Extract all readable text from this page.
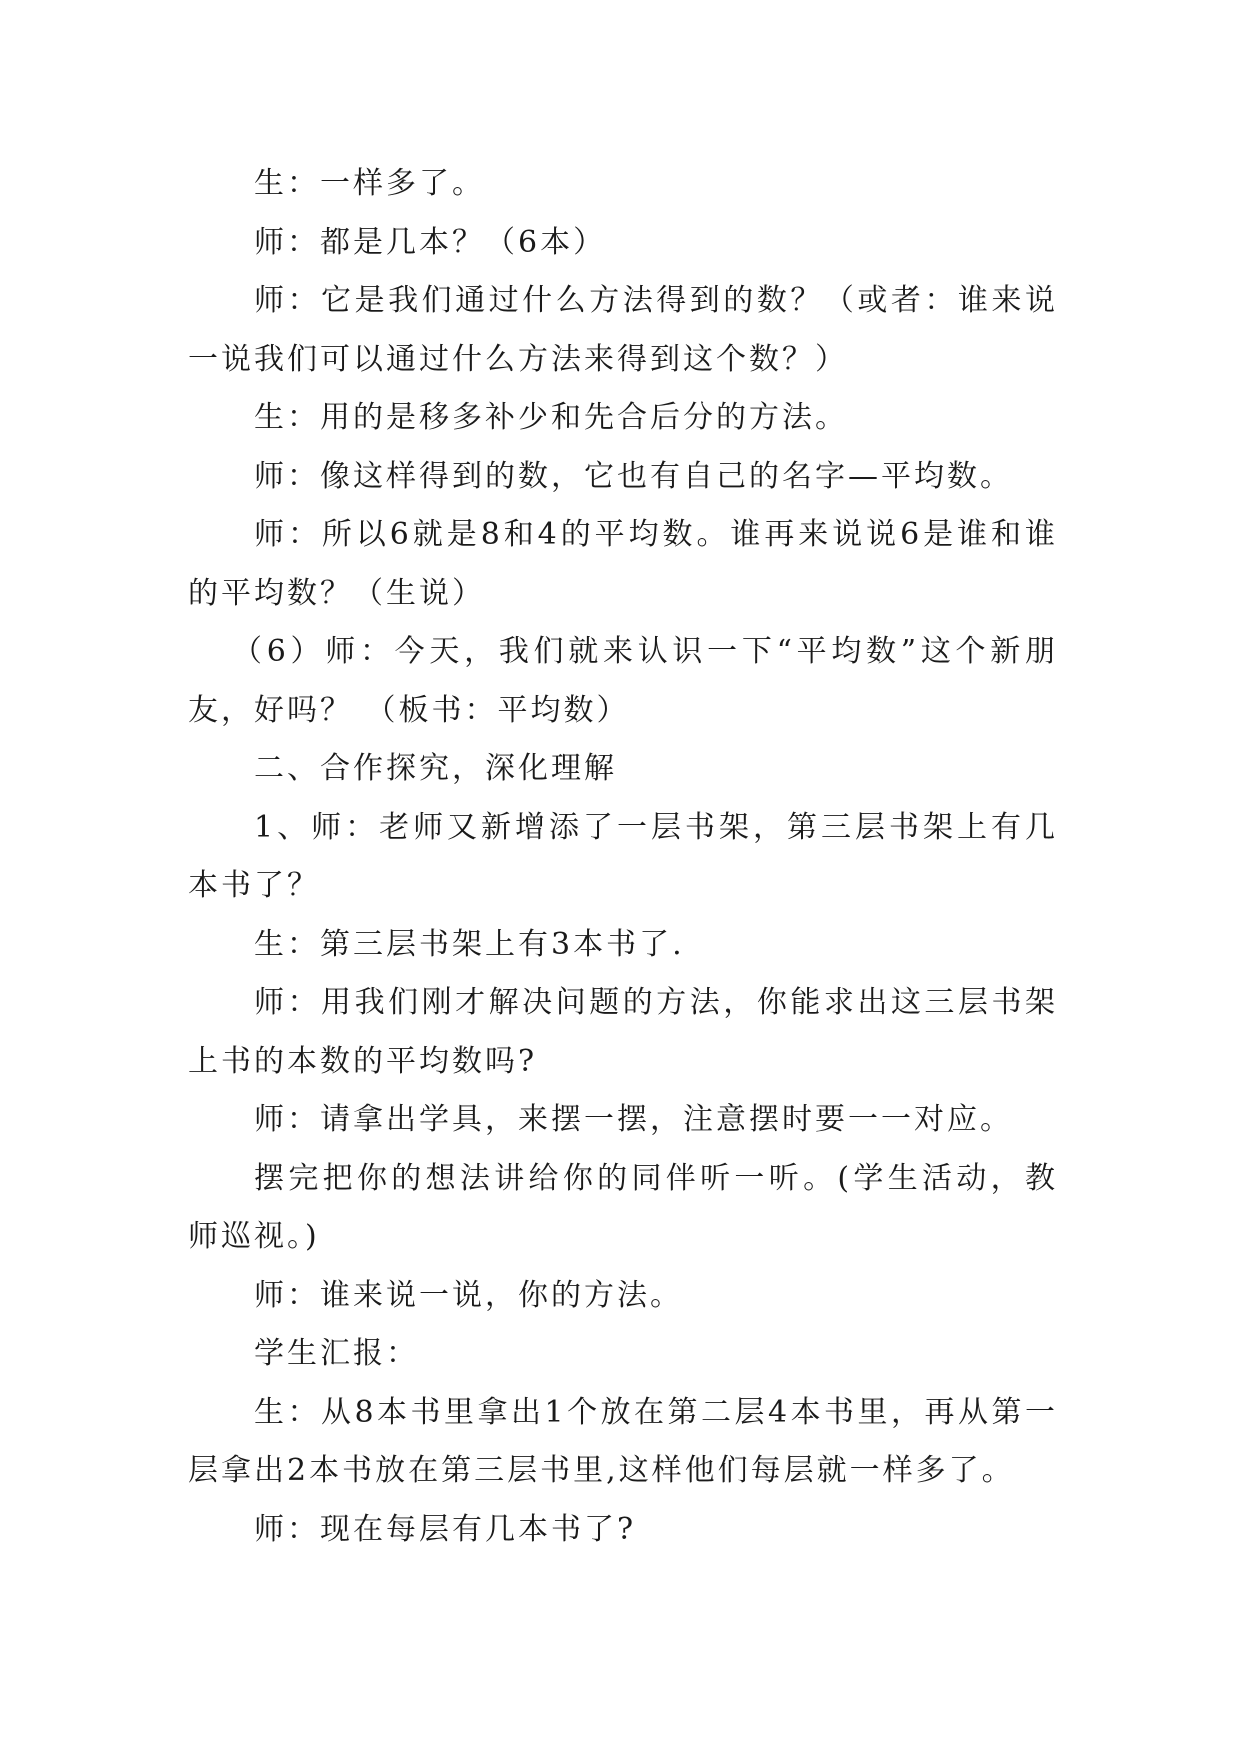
生：一样多了。

师：都是几本？（6本）

师：它是我们通过什么方法得到的数？（或者：谁来说一说我们可以通过什么方法来得到这个数？）

生：用的是移多补少和先合后分的方法。

师：像这样得到的数，它也有自己的名字—平均数。

师：所以6就是8和4的平均数。谁再来说说6是谁和谁的平均数？（生说）

（6）师：今天，我们就来认识一下“平均数”这个新朋友，好吗？ （板书：平均数）

二、合作探究，深化理解

1、师：老师又新增添了一层书架，第三层书架上有几本书了？

生：第三层书架上有3本书了.

师：用我们刚才解决问题的方法，你能求出这三层书架上书的本数的平均数吗?

师：请拿出学具，来摆一摆，注意摆时要一一对应。

摆完把你的想法讲给你的同伴听一听。(学生活动，教师巡视。)

师：谁来说一说，你的方法。

学生汇报：

生：从8本书里拿出1个放在第二层4本书里，再从第一层拿出2本书放在第三层书里,这样他们每层就一样多了。

师：现在每层有几本书了?
